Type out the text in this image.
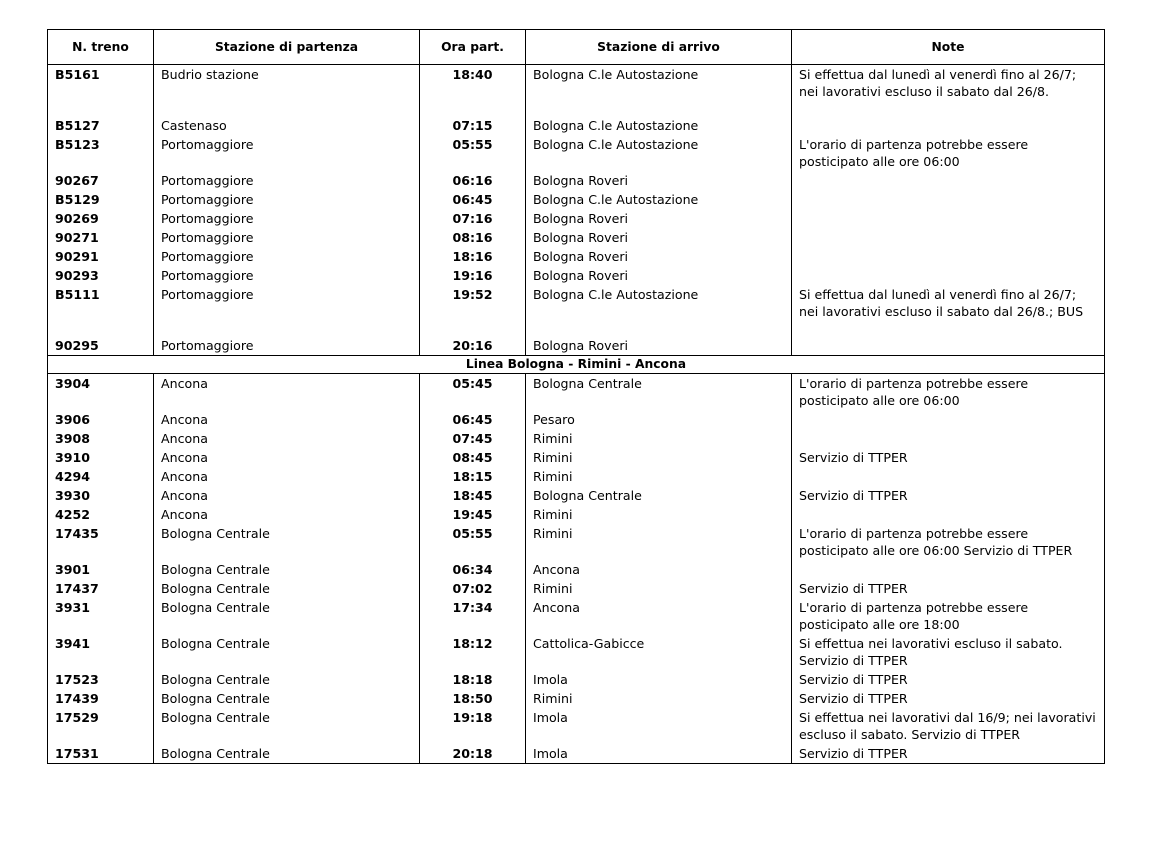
N. treno	Stazione di partenza	Ora part.	Stazione di arrivo	Note
B5161	Budrio stazione	18:40	Bologna C.le Autostazione	Si effettua dal lunedì al venerdì fino al 26/7; nei lavorativi escluso il sabato dal 26/8.
B5127	Castenaso	07:15	Bologna C.le Autostazione	
B5123	Portomaggiore	05:55	Bologna C.le Autostazione	L'orario di partenza potrebbe essere posticipato alle ore 06:00
90267	Portomaggiore	06:16	Bologna Roveri	
B5129	Portomaggiore	06:45	Bologna C.le Autostazione	
90269	Portomaggiore	07:16	Bologna Roveri	
90271	Portomaggiore	08:16	Bologna Roveri	
90291	Portomaggiore	18:16	Bologna Roveri	
90293	Portomaggiore	19:16	Bologna Roveri	
B5111	Portomaggiore	19:52	Bologna C.le Autostazione	Si effettua dal lunedì al venerdì fino al 26/7; nei lavorativi escluso il sabato dal 26/8.; BUS
90295	Portomaggiore	20:16	Bologna Roveri	
Linea Bologna - Rimini - Ancona				
3904	Ancona	05:45	Bologna Centrale	L'orario di partenza potrebbe essere posticipato alle ore 06:00
3906	Ancona	06:45	Pesaro	
3908	Ancona	07:45	Rimini	
3910	Ancona	08:45	Rimini	Servizio di TTPER
4294	Ancona	18:15	Rimini	
3930	Ancona	18:45	Bologna Centrale	Servizio di TTPER
4252	Ancona	19:45	Rimini	
17435	Bologna Centrale	05:55	Rimini	L'orario di partenza potrebbe essere posticipato alle ore 06:00 Servizio di TTPER
3901	Bologna Centrale	06:34	Ancona	
17437	Bologna Centrale	07:02	Rimini	Servizio di TTPER
3931	Bologna Centrale	17:34	Ancona	L'orario di partenza potrebbe essere posticipato alle ore 18:00
3941	Bologna Centrale	18:12	Cattolica-Gabicce	Si effettua nei lavorativi escluso il sabato. Servizio di TTPER
17523	Bologna Centrale	18:18	Imola	Servizio di TTPER
17439	Bologna Centrale	18:50	Rimini	Servizio di TTPER
17529	Bologna Centrale	19:18	Imola	Si effettua nei lavorativi dal 16/9; nei lavorativi escluso il sabato. Servizio di TTPER
17531	Bologna Centrale	20:18	Imola	Servizio di TTPER
